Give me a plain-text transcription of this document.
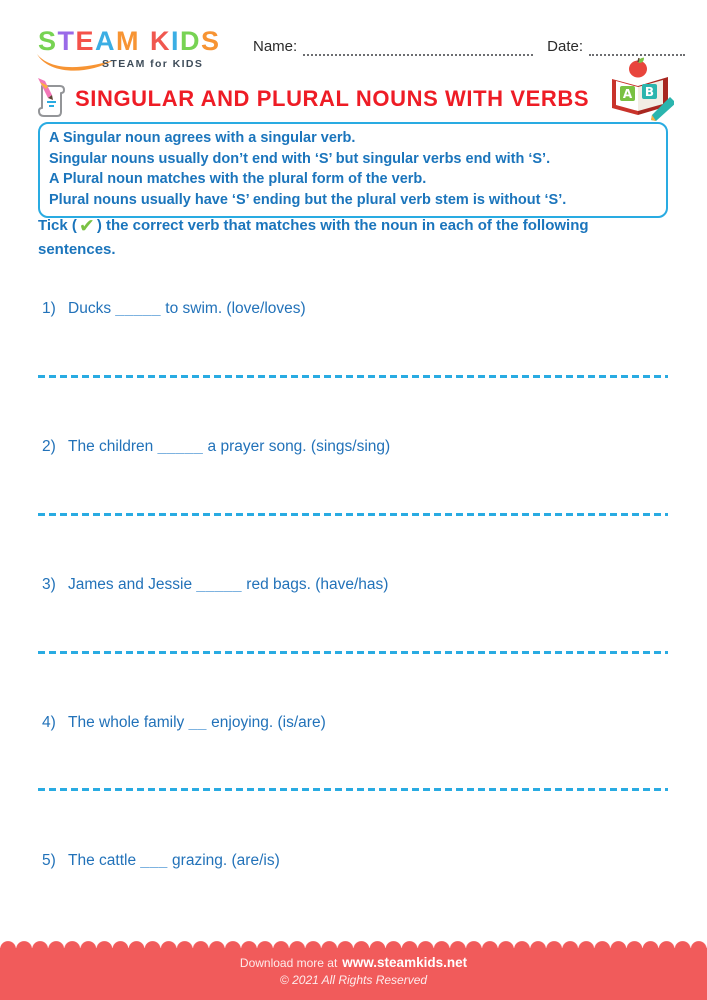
STEAM KIDS
STEAM for KIDS
Name:	Date:
SINGULAR AND PLURAL NOUNS WITH VERBS	A B
A Singular noun agrees with a singular verb.
Singular nouns usually don’t end with ‘S’ but singular verbs end with ‘S’.
A Plural noun matches with the plural form of the verb.
Plural nouns usually have ‘S’ ending but the plural verb stem is without ‘S’.
Tick ( ✔ ) the correct verb that matches with the noun in each of the following
sentences.
1) Ducks _____ to swim. (love/loves)
2) The children _____ a prayer song. (sings/sing)
3) James and Jessie _____ red bags. (have/has)
4) The whole family __ enjoying. (is/are)
5) The cattle ___ grazing. (are/is)
Download more at www.steamkids.net
© 2021 All Rights Reserved
